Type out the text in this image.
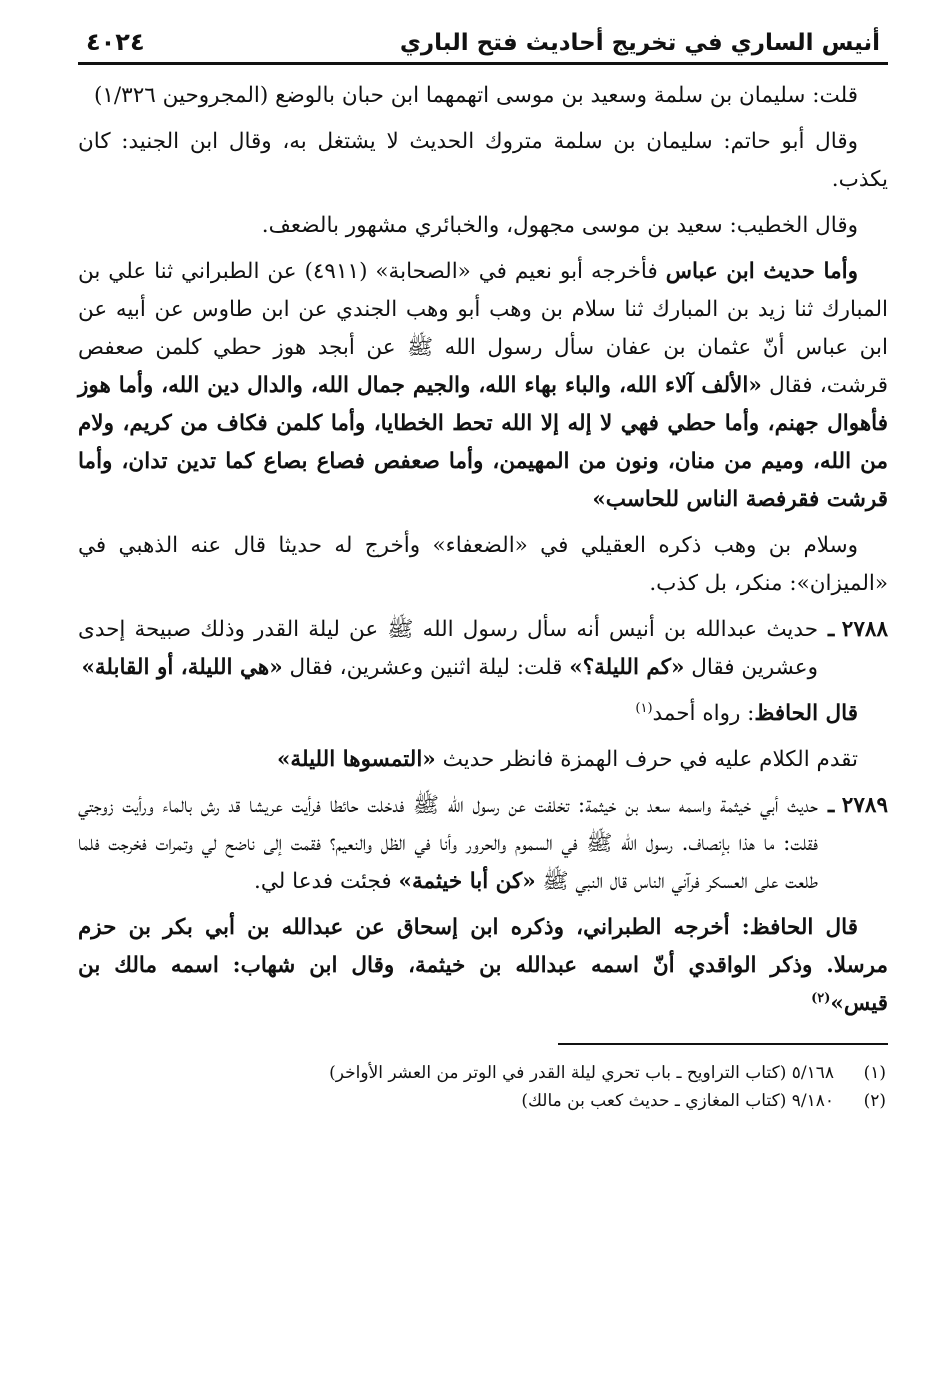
أنيس الساري في تخريج أحاديث فتح الباري
٤٠٢٤

قلت: سليمان بن سلمة وسعيد بن موسى اتهمهما ابن حبان بالوضع (المجروحين ١/٣٢٦)

وقال أبو حاتم: سليمان بن سلمة متروك الحديث لا يشتغل به، وقال ابن الجنيد: كان يكذب.

وقال الخطيب: سعيد بن موسى مجهول، والخبائري مشهور بالضعف.

وأما حديث ابن عباس فأخرجه أبو نعيم في «الصحابة» (٤٩١١) عن الطبراني ثنا علي بن المبارك ثنا زيد بن المبارك ثنا سلام بن وهب أبو وهب الجندي عن ابن طاوس عن أبيه عن ابن عباس أنّ عثمان بن عفان سأل رسول الله ﷺ عن أبجد هوز حطي كلمن صعفص قرشت، فقال «الألف آلاء الله، والباء بهاء الله، والجيم جمال الله، والدال دين الله، وأما هوز فأهوال جهنم، وأما حطي فهي لا إله إلا الله تحط الخطايا، وأما كلمن فكاف من كريم، ولام من الله، وميم من منان، ونون من المهيمن، وأما صعفص فصاع بصاع كما تدين تدان، وأما قرشت فقرفصة الناس للحاسب»

وسلام بن وهب ذكره العقيلي في «الضعفاء» وأخرج له حديثا قال عنه الذهبي في «الميزان»: منكر، بل كذب.

٢٧٨٨ ـ
حديث عبدالله بن أنيس أنه سأل رسول الله ﷺ عن ليلة القدر وذلك صبيحة إحدى وعشرين فقال «كم الليلة؟» قلت: ليلة اثنين وعشرين، فقال «هي الليلة، أو القابلة»

قال الحافظ: رواه أحمد$^{(١)}$

تقدم الكلام عليه في حرف الهمزة فانظر حديث «التمسوها الليلة»

٢٧٨٩ ـ
حديث أبي خيثمة واسمه سعد بن خيثمة: تخلفت عن رسول الله ﷺ فدخلت حائطا فرأيت عريشا قد رش بالماء ورأيت زوجتي فقلت: ما هذا بإنصاف. رسول الله ﷺ في السموم والحرور وأنا في الظل والنعيم؟ فقمت إلى ناضح لي وتمرات فخرجت فلما طلعت على العسكر فرآني الناس قال النبي ﷺ «كن أبا خيثمة» فجئت فدعا لي.

قال الحافظ: أخرجه الطبراني، وذكره ابن إسحاق عن عبدالله بن أبي بكر بن حزم مرسلا. وذكر الواقدي أنّ اسمه عبدالله بن خيثمة، وقال ابن شهاب: اسمه مالك بن قيس»$^{(٢)}$

(١)
٥/١٦٨ (كتاب التراويح ـ باب تحري ليلة القدر في الوتر من العشر الأواخر)
(٢)
٩/١٨٠ (كتاب المغازي ـ حديث كعب بن مالك)
